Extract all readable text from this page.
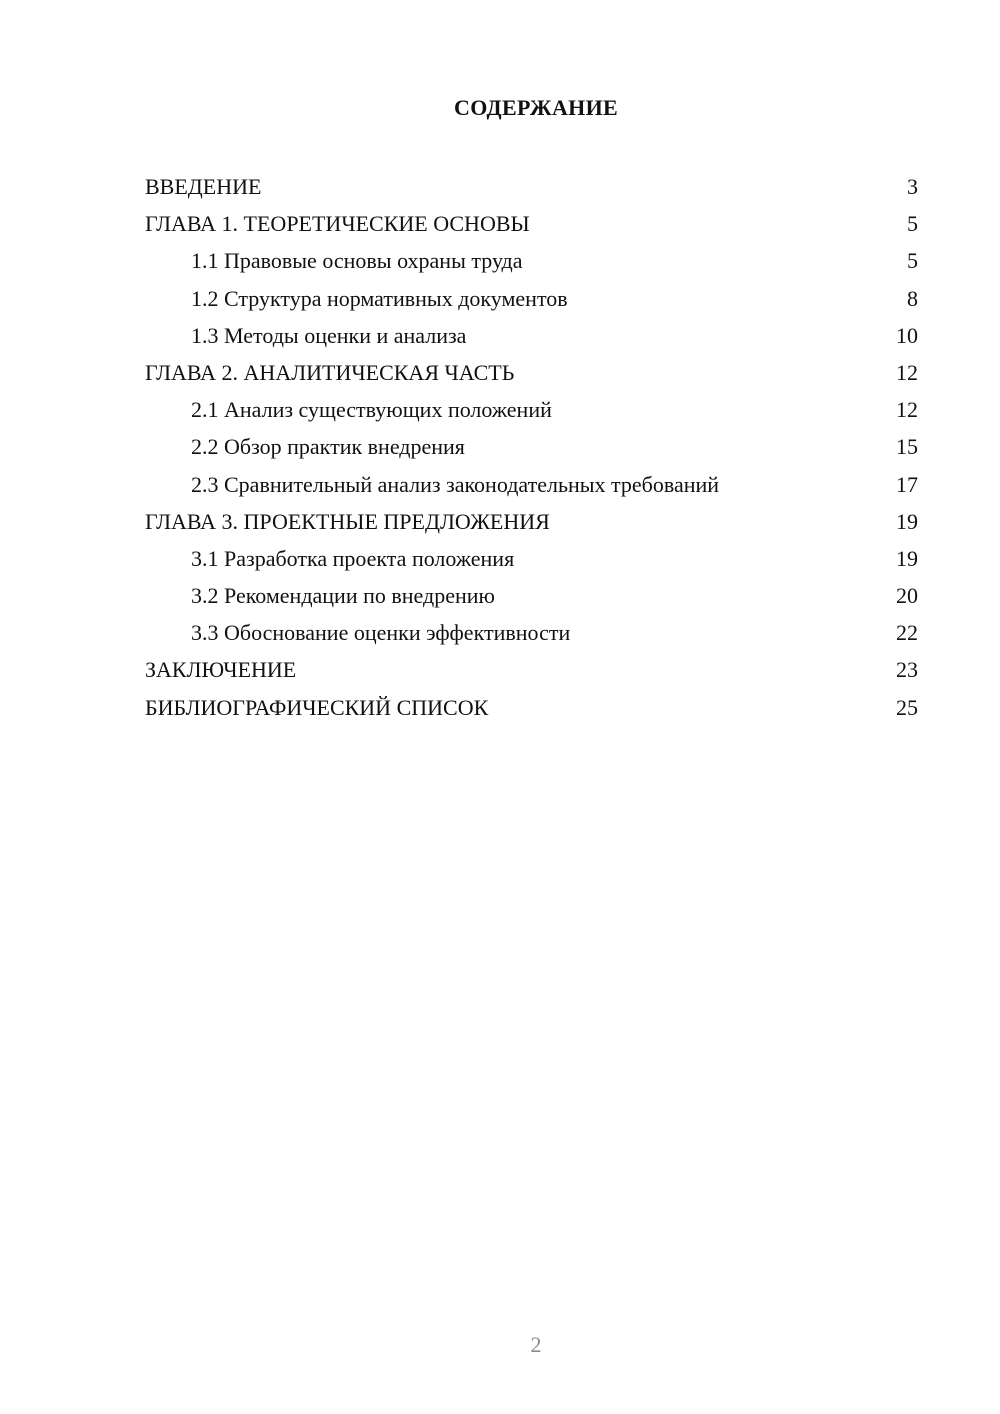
СОДЕРЖАНИЕ
ВВЕДЕНИЕ	3
ГЛАВА 1. ТЕОРЕТИЧЕСКИЕ ОСНОВЫ	5
1.1 Правовые основы охраны труда	5
1.2 Структура нормативных документов	8
1.3 Методы оценки и анализа	10
ГЛАВА 2. АНАЛИТИЧЕСКАЯ ЧАСТЬ	12
2.1 Анализ существующих положений	12
2.2 Обзор практик внедрения	15
2.3 Сравнительный анализ законодательных требований	17
ГЛАВА 3. ПРОЕКТНЫЕ ПРЕДЛОЖЕНИЯ	19
3.1 Разработка проекта положения	19
3.2 Рекомендации по внедрению	20
3.3 Обоснование оценки эффективности	22
ЗАКЛЮЧЕНИЕ	23
БИБЛИОГРАФИЧЕСКИЙ СПИСОК	25
2
